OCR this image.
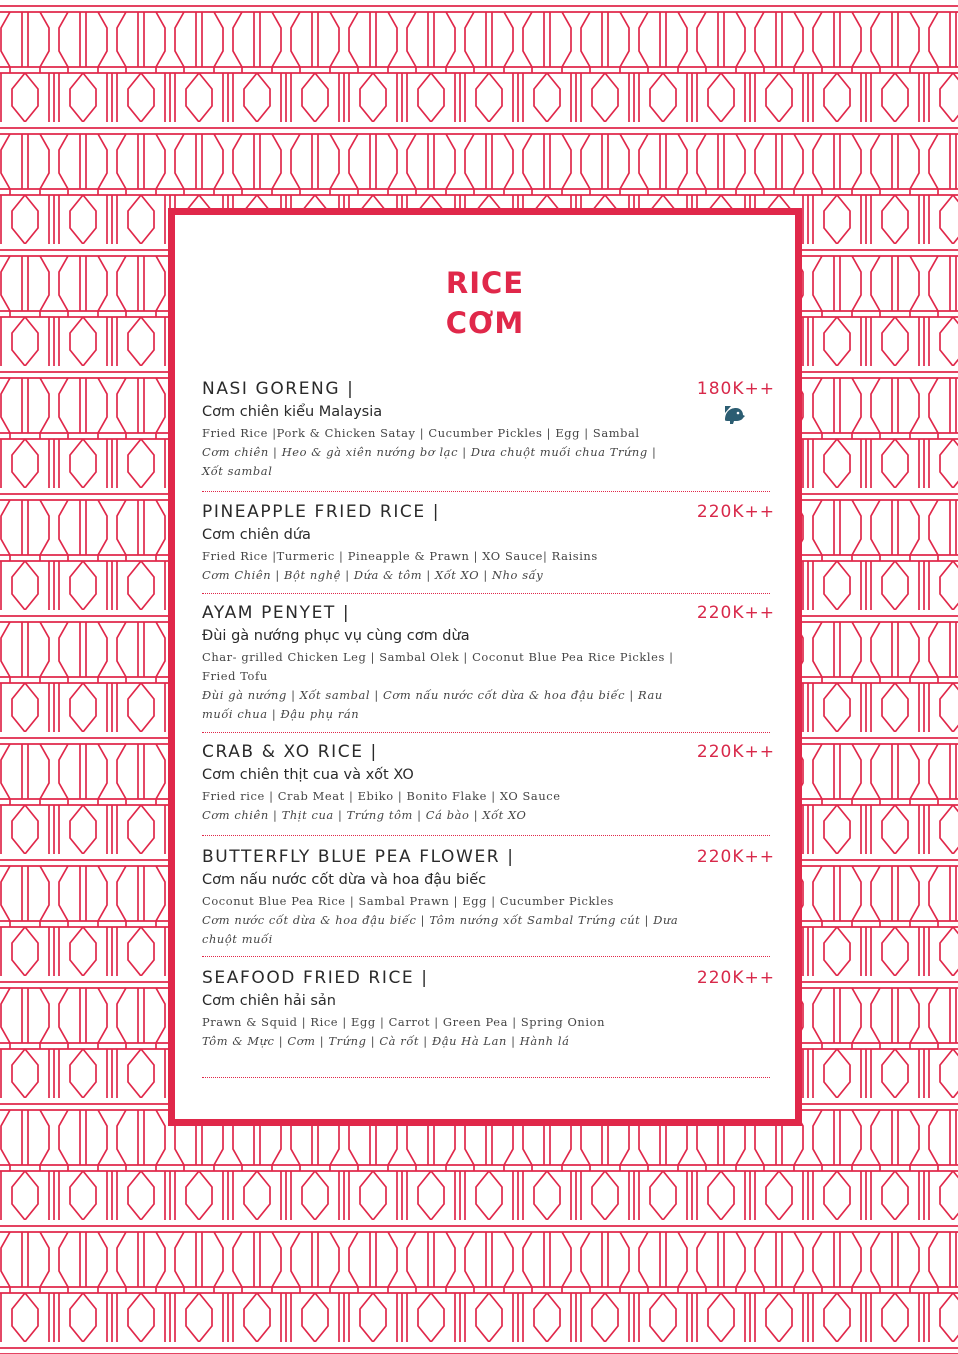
RICE
CƠM
NASI GORENG |	180K++
Cơm chiên kiểu Malaysia
Fried Rice |Pork & Chicken Satay | Cucumber Pickles | Egg | Sambal
Cơm chiên | Heo & gà xiên nướng bơ lạc | Dưa chuột muối chua Trứng | Xốt sambal
PINEAPPLE FRIED RICE |	220K++
Cơm chiên dứa
Fried Rice |Turmeric | Pineapple & Prawn | XO Sauce| Raisins
Cơm Chiên | Bột nghệ | Dứa & tôm | Xốt XO | Nho sấy
AYAM PENYET |	220K++
Đùi gà nướng phục vụ cùng cơm dừa
Char- grilled Chicken Leg | Sambal Olek | Coconut Blue Pea Rice Pickles | Fried Tofu
Đùi gà nướng | Xốt sambal | Cơm nấu nước cốt dừa & hoa đậu biếc | Rau muối chua | Đậu phụ rán
CRAB & XO RICE |	220K++
Cơm chiên thịt cua và xốt XO
Fried rice | Crab Meat | Ebiko | Bonito Flake | XO Sauce
Cơm chiên | Thịt cua | Trứng tôm | Cá bào | Xốt XO
BUTTERFLY BLUE PEA FLOWER |	220K++
Cơm nấu nước cốt dừa và hoa đậu biếc
Coconut Blue Pea Rice | Sambal Prawn | Egg | Cucumber Pickles
Cơm nước cốt dừa & hoa đậu biếc | Tôm nướng xốt Sambal Trứng cút | Dưa chuột muối
SEAFOOD FRIED RICE |	220K++
Cơm chiên hải sản
Prawn & Squid | Rice | Egg | Carrot | Green Pea | Spring Onion
Tôm & Mực | Cơm | Trứng | Cà rốt | Đậu Hà Lan | Hành lá
